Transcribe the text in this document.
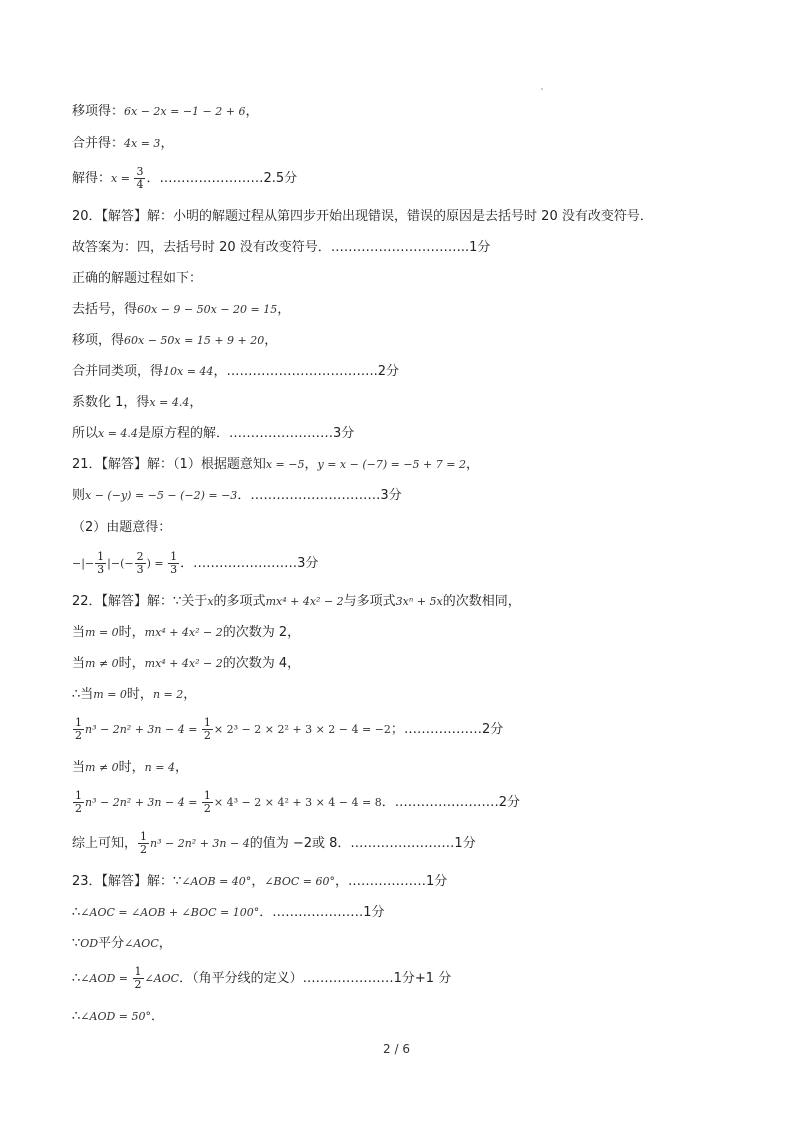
移项得：6x − 2x = −1 − 2 + 6，
合并得：4x = 3，
解得：$x = \frac{3}{4}$ ．……………………2.5分
20．【解答】解：小明的解题过程从第四步开始出现错误，错误的原因是去括号时 20 没有改变符号．
故答案为：四，去括号时 20 没有改变符号．…………………………..1分
正确的解题过程如下：
去括号，得60x − 9 − 50x − 20 = 15，
移项，得60x − 50x = 15 + 9 + 20，
合并同类项，得10x = 44，……………………………..2分
系数化 1，得x = 4.4，
所以x = 4.4是原方程的解．……………………3分
21．【解答】解：（1）根据题意知x = −5，y = x − (−7) = −5 + 7 = 2，
则x − (−y) = −5 − (−2) = −3．…………………………3分
（2）由题意得：
−|− $\frac{1}{3}$ |−(− $\frac{2}{3}$ ) = $\frac{1}{3}$ ．……………………3分
22．【解答】解：∵关于x的多项式mx⁴ + 4x² − 2与多项式3xⁿ + 5x的次数相同，
当m = 0时，mx⁴ + 4x² − 2的次数为 2，
当m ≠ 0时，mx⁴ + 4x² − 2的次数为 4，
∴当m = 0时，n = 2，
$\frac{1}{2} n^3 - 2n^2 + 3n - 4 = \frac{1}{2} \times 2^3 - 2 \times 2^2 + 3 \times 2 - 4 = -2$；………………2分
当m ≠ 0时，n = 4，
$\frac{1}{2} n^3 - 2n^2 + 3n - 4 = \frac{1}{2} \times 4^3 - 2 \times 4^2 + 3 \times 4 - 4 = 8$．……………………2分
综上可知， $\frac{1}{2} n^3 - 2n^2 + 3n - 4$的值为 −2或 8．……………………1分
23．【解答】解：∵∠AOB = 40°，∠BOC = 60°，………………1分
∴∠AOC = ∠AOB + ∠BOC = 100°．…………………1分
∵OD平分∠AOC，
∴∠AOD = $\frac{1}{2}$ ∠AOC．（角平分线的定义）…………………1分+1 分
∴∠AOD = 50°．
2 / 6
